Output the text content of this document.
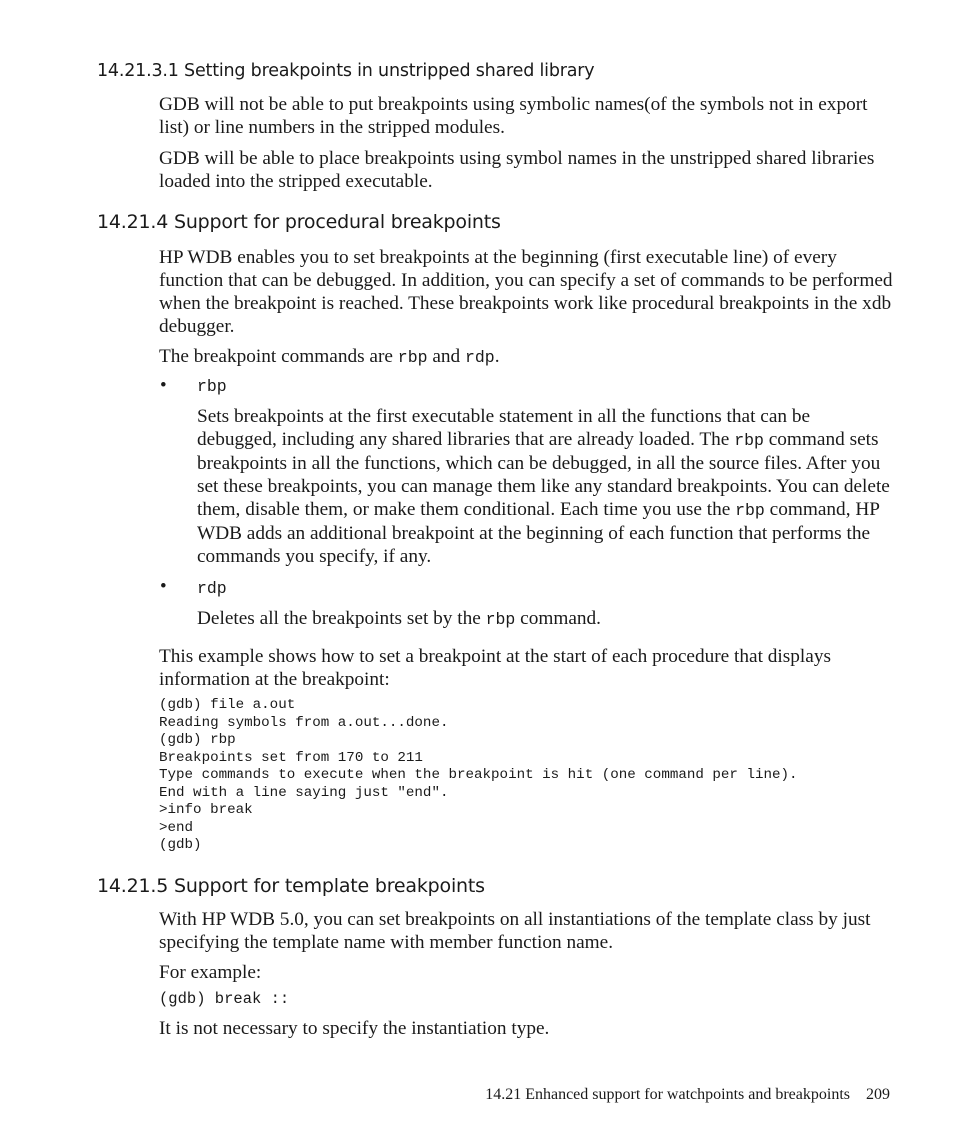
14.21.3.1 Setting breakpoints in unstripped shared library

GDB will not be able to put breakpoints using symbolic names(of the symbols not in export list) or line numbers in the stripped modules.

GDB will be able to place breakpoints using symbol names in the unstripped shared libraries loaded into the stripped executable.

14.21.4 Support for procedural breakpoints

HP WDB enables you to set breakpoints at the beginning (first executable line) of every function that can be debugged. In addition, you can specify a set of commands to be performed when the breakpoint is reached. These breakpoints work like procedural breakpoints in the xdb debugger.

The breakpoint commands are rbp and rdp.

• rbp

Sets breakpoints at the first executable statement in all the functions that can be debugged, including any shared libraries that are already loaded. The rbp command sets breakpoints in all the functions, which can be debugged, in all the source files. After you set these breakpoints, you can manage them like any standard breakpoints. You can delete them, disable them, or make them conditional. Each time you use the rbp command, HP WDB adds an additional breakpoint at the beginning of each function that performs the commands you specify, if any.

• rdp

Deletes all the breakpoints set by the rbp command.

This example shows how to set a breakpoint at the start of each procedure that displays information at the breakpoint:

(gdb) file a.out
Reading symbols from a.out...done.
(gdb) rbp
Breakpoints set from 170 to 211
Type commands to execute when the breakpoint is hit (one command per line).
End with a line saying just "end".
>info break
>end
(gdb)
14.21.5 Support for template breakpoints

With HP WDB 5.0, you can set breakpoints on all instantiations of the template class by just specifying the template name with member function name.

For example:

(gdb) break ::

It is not necessary to specify the instantiation type.

14.21 Enhanced support for watchpoints and breakpoints 209
